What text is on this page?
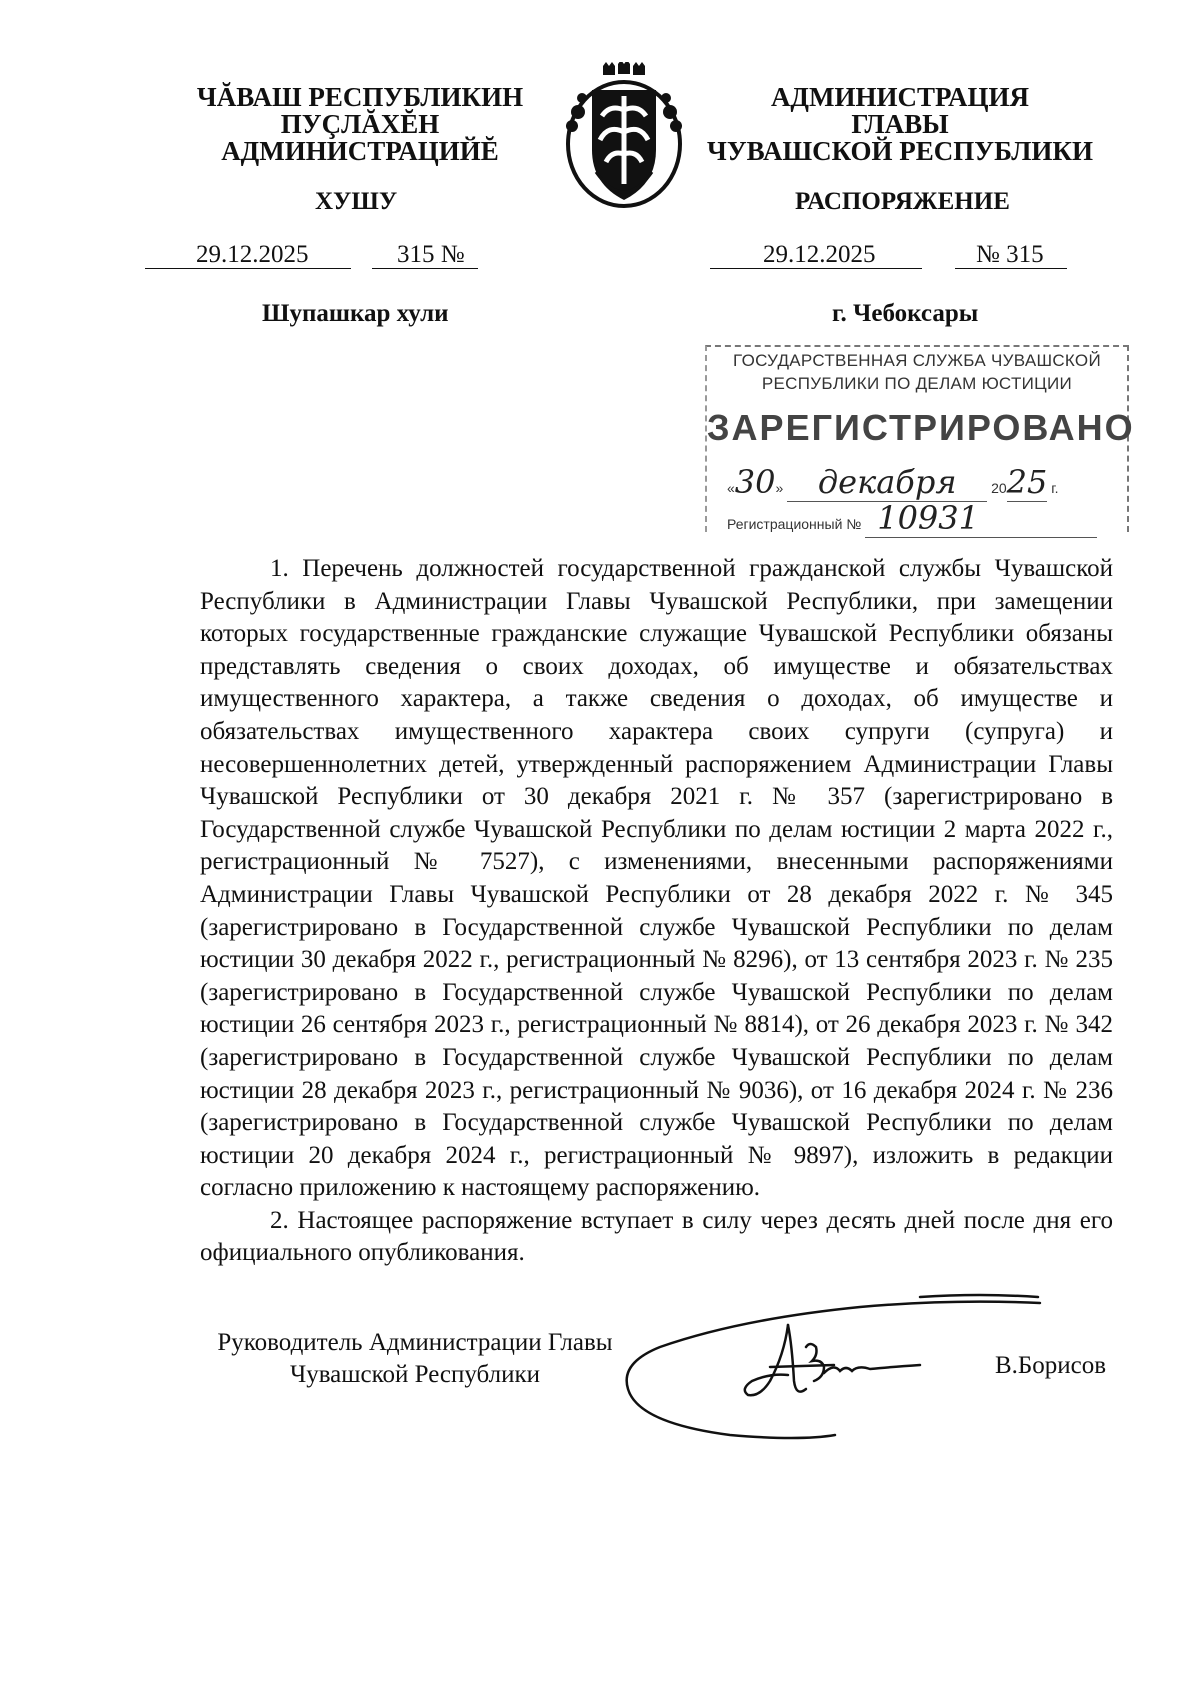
ЧĂВАШ РЕСПУБЛИКИН
ПУÇЛĂХĔН
АДМИНИСТРАЦИЙĔ
АДМИНИСТРАЦИЯ
ГЛАВЫ
ЧУВАШСКОЙ РЕСПУБЛИКИ
ХУШУ	РАСПОРЯЖЕНИЕ
29.12.2025	315 №	29.12.2025	№ 315
Шупашкар хули	г. Чебоксары
ГОСУДАРСТВЕННАЯ СЛУЖБА ЧУВАШСКОЙ
РЕСПУБЛИКИ ПО ДЕЛАМ ЮСТИЦИИ
ЗАРЕГИСТРИРОВАНО
«30» декабря 2025 г.
Регистрационный № 10931

1. Перечень должностей государственной гражданской службы Чувашской Республики в Администрации Главы Чувашской Республики, при замещении которых государственные гражданские служащие Чувашской Республики обязаны представлять сведения о своих доходах, об имуществе и обязательствах имущественного характера, а также сведения о доходах, об имуществе и обязательствах имущественного характера своих супруги (супруга) и несовершеннолетних детей, утвержденный распоряжением Администрации Главы Чувашской Республики от 30 декабря 2021 г. № 357 (зарегистрировано в Государственной службе Чувашской Республики по делам юстиции 2 марта 2022 г., регистрационный № 7527), с изменениями, внесенными распоряжениями Администрации Главы Чувашской Республики от 28 декабря 2022 г. № 345 (зарегистрировано в Государственной службе Чувашской Республики по делам юстиции 30 декабря 2022 г., регистрационный № 8296), от 13 сентября 2023 г. № 235 (зарегистрировано в Государственной службе Чувашской Республики по делам юстиции 26 сентября 2023 г., регистрационный № 8814), от 26 декабря 2023 г. № 342 (зарегистрировано в Государственной службе Чувашской Республики по делам юстиции 28 декабря 2023 г., регистрационный № 9036), от 16 декабря 2024 г. № 236 (зарегистрировано в Государственной службе Чувашской Республики по делам юстиции 20 декабря 2024 г., регистрационный № 9897), изложить в редакции согласно приложению к настоящему распоряжению.

2. Настоящее распоряжение вступает в силу через десять дней после дня его официального опубликования.

Руководитель Администрации Главы
Чувашской Республики	В.Борисов
